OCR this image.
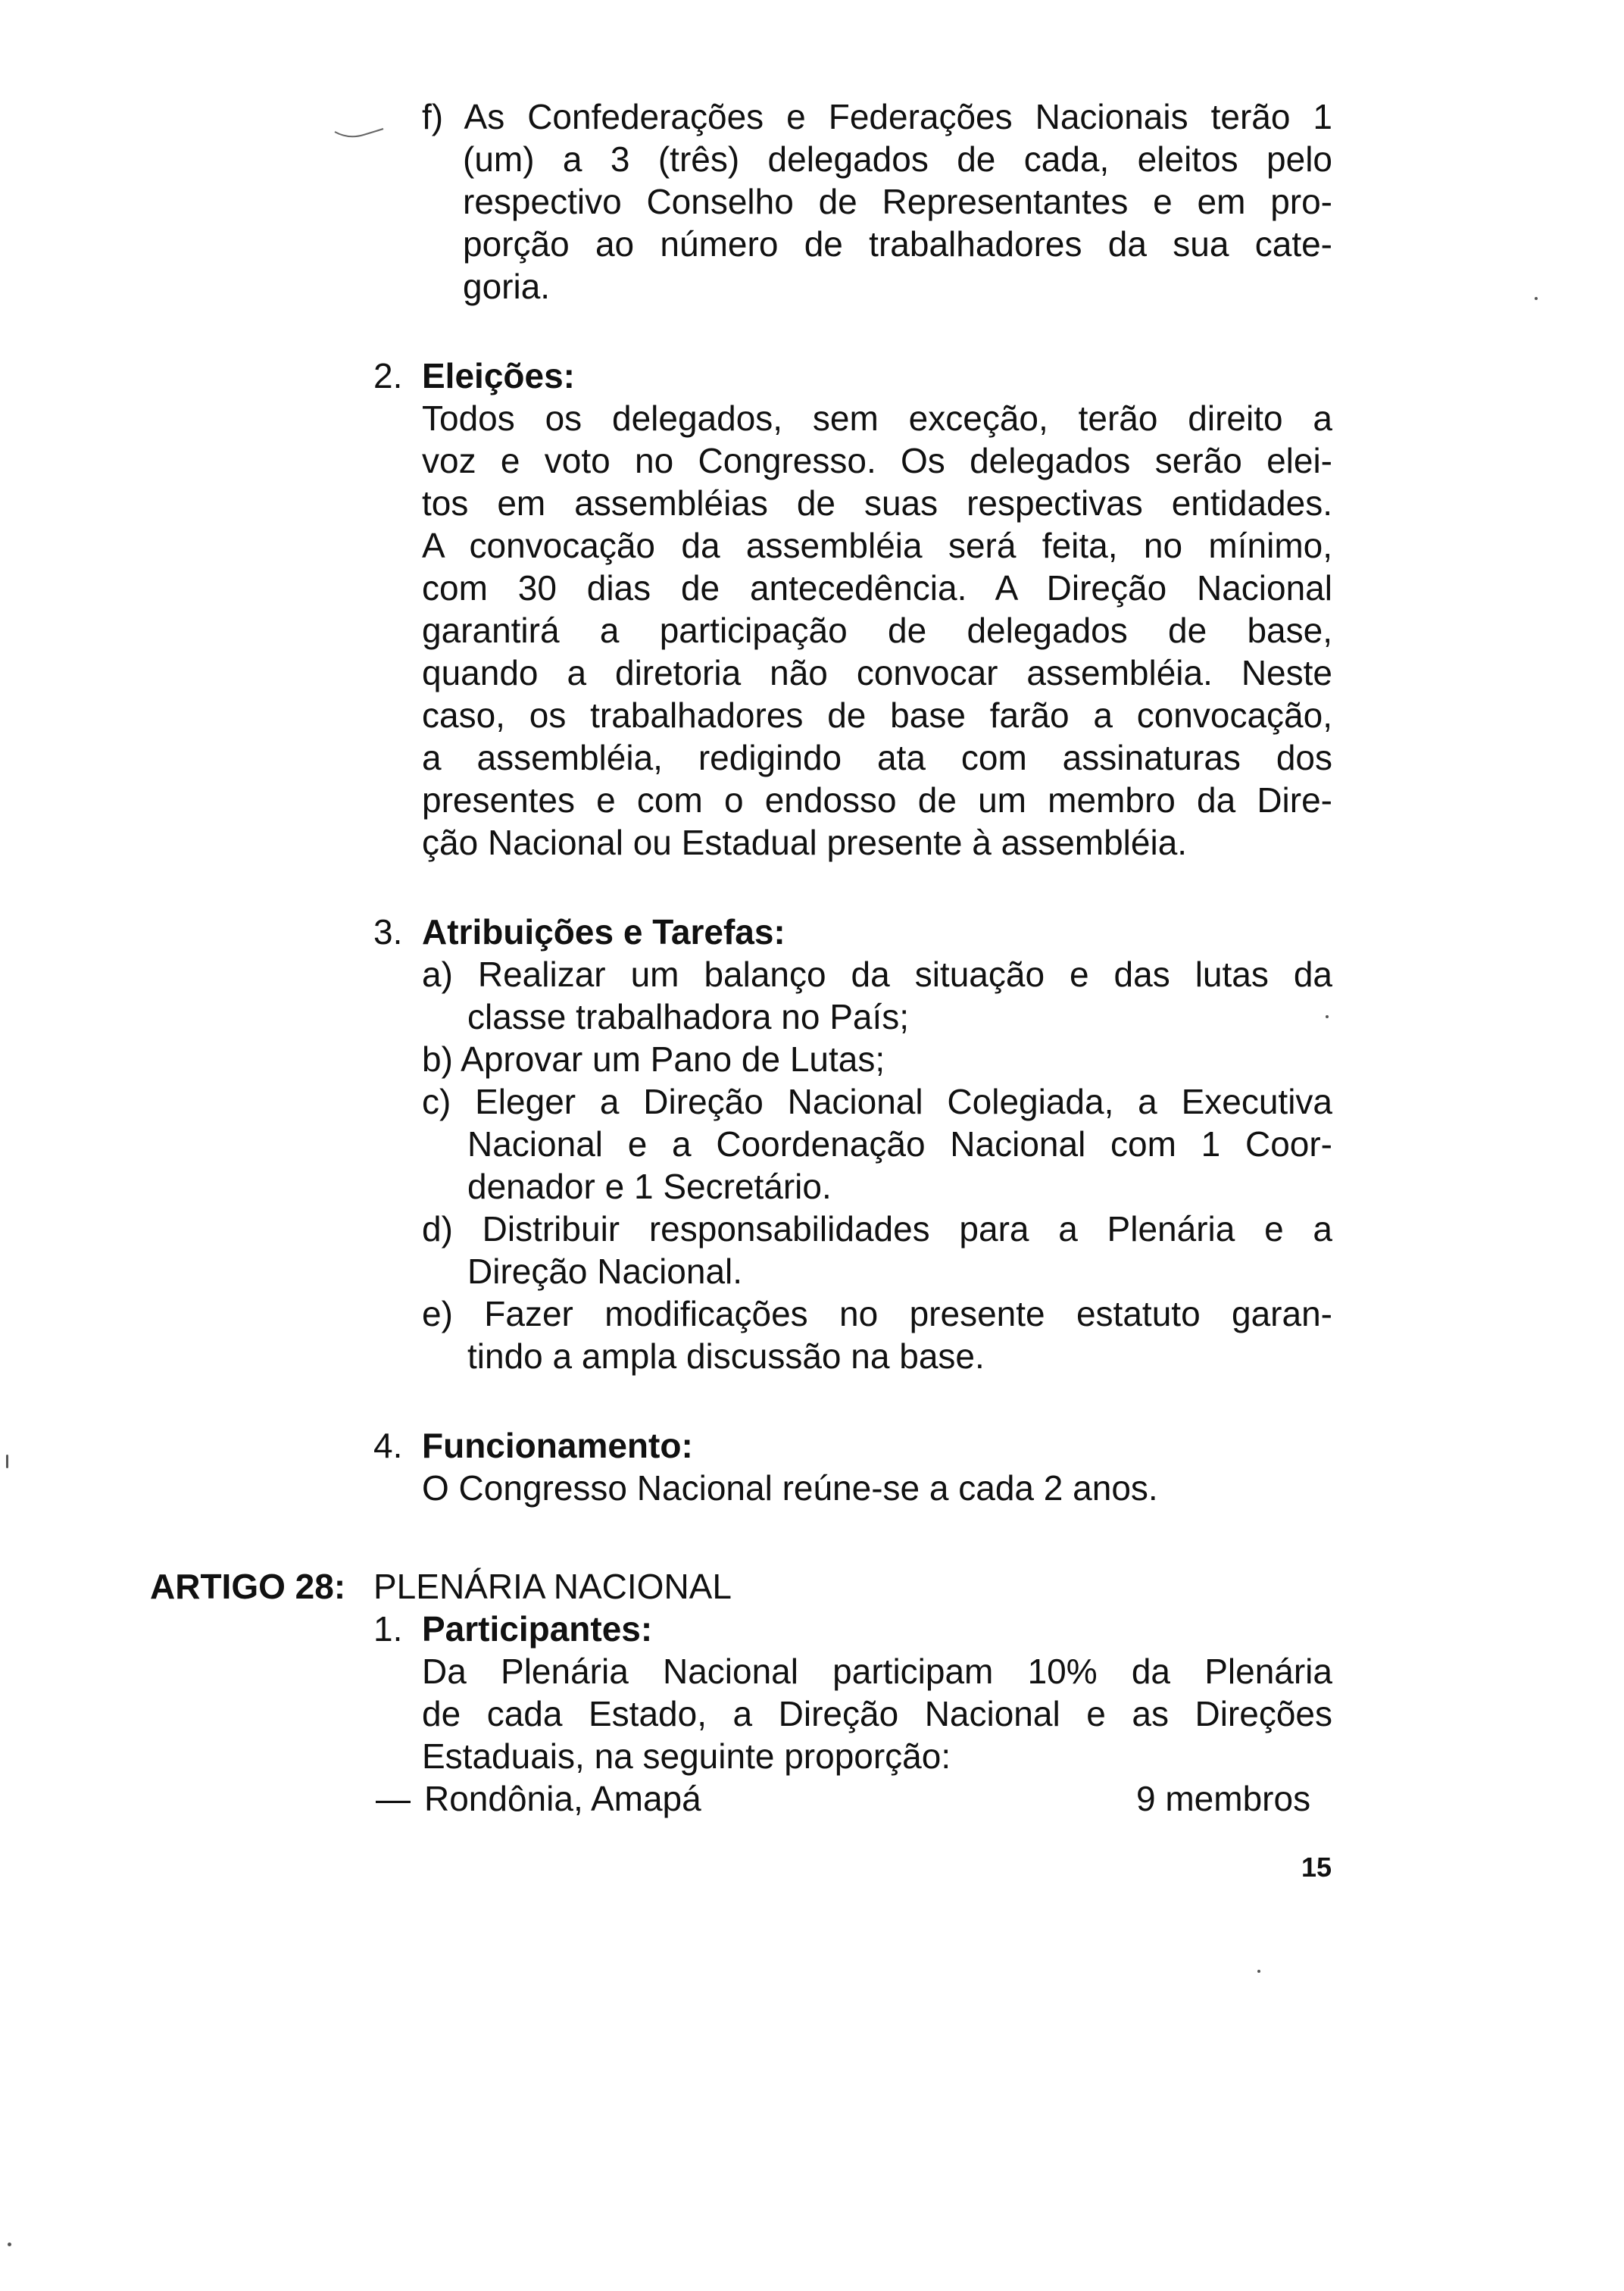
f) As Confederações e Federações Nacionais terão 1
(um) a 3 (três) delegados de cada, eleitos pelo
respectivo Conselho de Representantes e em pro-
porção ao número de trabalhadores da sua cate-
goria.
2. Eleições:
Todos os delegados, sem exceção, terão direito a
voz e voto no Congresso. Os delegados serão elei-
tos em assembléias de suas respectivas entidades.
A convocação da assembléia será feita, no mínimo,
com 30 dias de antecedência. A Direção Nacional
garantirá a participação de delegados de base,
quando a diretoria não convocar assembléia. Neste
caso, os trabalhadores de base farão a convocação,
a assembléia, redigindo ata com assinaturas dos
presentes e com o endosso de um membro da Dire-
ção Nacional ou Estadual presente à assembléia.
3. Atribuições e Tarefas:
a) Realizar um balanço da situação e das lutas da
classe trabalhadora no País;
b) Aprovar um Pano de Lutas;
c) Eleger a Direção Nacional Colegiada, a Executiva
Nacional e a Coordenação Nacional com 1 Coor-
denador e 1 Secretário.
d) Distribuir responsabilidades para a Plenária e a
Direção Nacional.
e) Fazer modificações no presente estatuto garan-
tindo a ampla discussão na base.
4. Funcionamento:
O Congresso Nacional reúne-se a cada 2 anos.
ARTIGO 28: PLENÁRIA NACIONAL
1. Participantes:
Da Plenária Nacional participam 10% da Plenária
de cada Estado, a Direção Nacional e as Direções
Estaduais, na seguinte proporção:
— Rondônia, Amapá	9 membros
15
